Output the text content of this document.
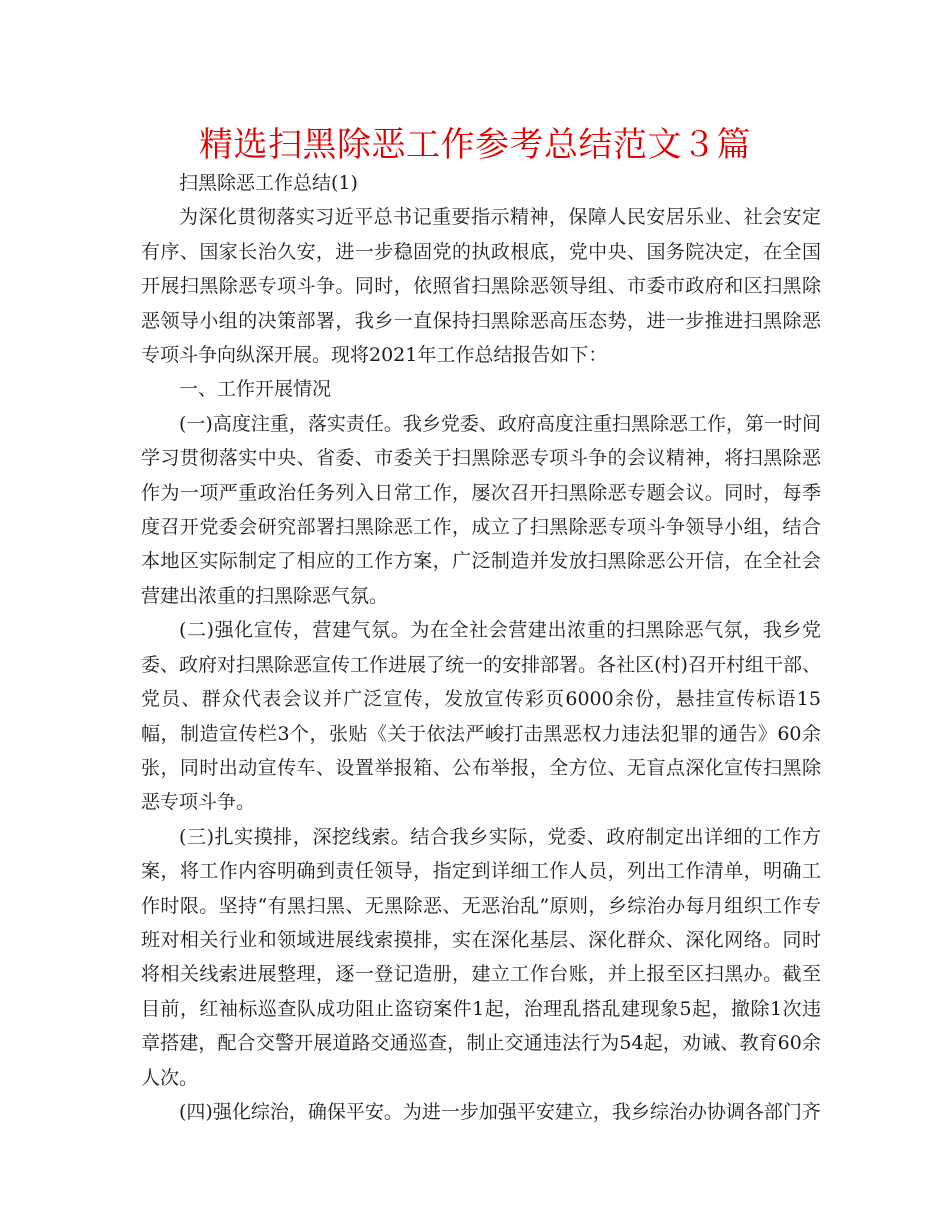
精选扫黑除恶工作参考总结范文３篇

扫黑除恶工作总结(1)

为深化贯彻落实习近平总书记重要指示精神，保障人民安居乐业、社会安定有序、国家长治久安，进一步稳固党的执政根底，党中央、国务院决定，在全国开展扫黑除恶专项斗争。同时，依照省扫黑除恶领导组、市委市政府和区扫黑除恶领导小组的决策部署，我乡一直保持扫黑除恶高压态势，进一步推进扫黑除恶专项斗争向纵深开展。现将2021年工作总结报告如下：

一、工作开展情况

(一)高度注重，落实责任。我乡党委、政府高度注重扫黑除恶工作，第一时间学习贯彻落实中央、省委、市委关于扫黑除恶专项斗争的会议精神，将扫黑除恶作为一项严重政治任务列入日常工作，屡次召开扫黑除恶专题会议。同时，每季度召开党委会研究部署扫黑除恶工作，成立了扫黑除恶专项斗争领导小组，结合本地区实际制定了相应的工作方案，广泛制造并发放扫黑除恶公开信，在全社会营建出浓重的扫黑除恶气氛。

(二)强化宣传，营建气氛。为在全社会营建出浓重的扫黑除恶气氛，我乡党委、政府对扫黑除恶宣传工作进展了统一的安排部署。各社区(村)召开村组干部、党员、群众代表会议并广泛宣传，发放宣传彩页6000余份，悬挂宣传标语15幅，制造宣传栏3个，张贴《关于依法严峻打击黑恶权力违法犯罪的通告》60余张，同时出动宣传车、设置举报箱、公布举报，全方位、无盲点深化宣传扫黑除恶专项斗争。

(三)扎实摸排，深挖线索。结合我乡实际，党委、政府制定出详细的工作方案，将工作内容明确到责任领导，指定到详细工作人员，列出工作清单，明确工作时限。坚持“有黑扫黑、无黑除恶、无恶治乱”原则，乡综治办每月组织工作专班对相关行业和领域进展线索摸排，实在深化基层、深化群众、深化网络。同时将相关线索进展整理，逐一登记造册，建立工作台账，并上报至区扫黑办。截至目前，红袖标巡查队成功阻止盗窃案件1起，治理乱搭乱建现象5起，撤除1次违章搭建，配合交警开展道路交通巡查，制止交通违法行为54起，劝诫、教育60余人次。

(四)强化综治，确保平安。为进一步加强平安建立，我乡综治办协调各部门齐
